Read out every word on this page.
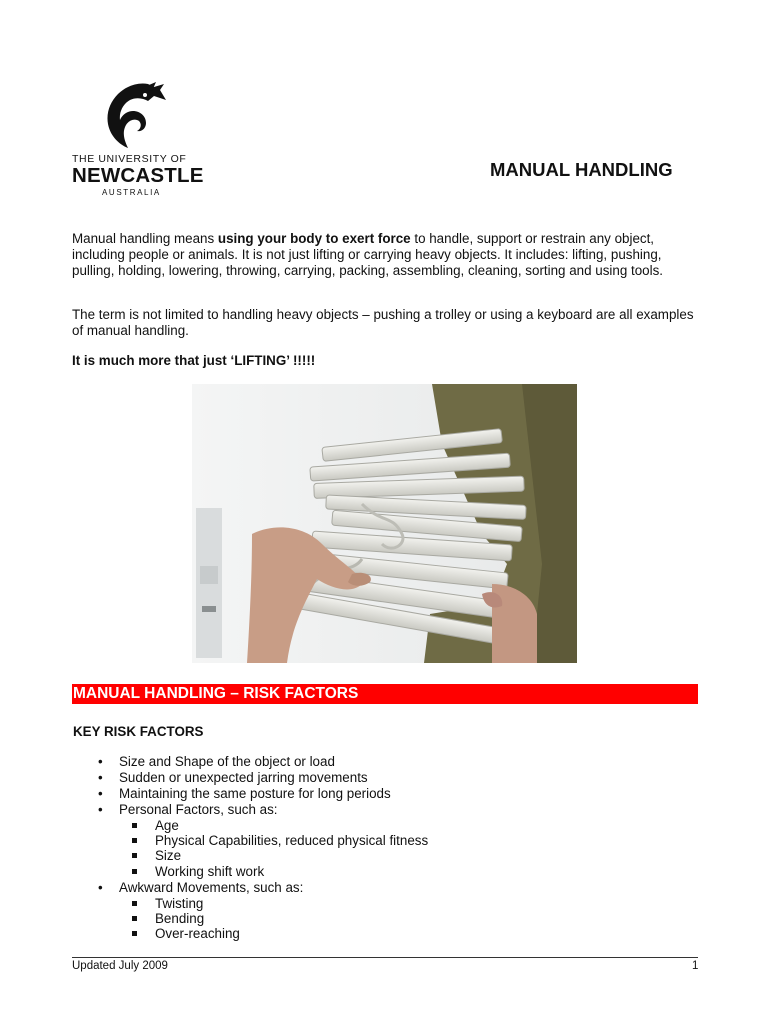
THE UNIVERSITY OF
NEWCASTLE
AUSTRALIA
MANUAL HANDLING
Manual handling means using your body to exert force to handle, support or restrain any object, including people or animals. It is not just lifting or carrying heavy objects. It includes: lifting, pushing, pulling, holding, lowering, throwing, carrying, packing, assembling, cleaning, sorting and using tools.
The term is not limited to handling heavy objects – pushing a trolley or using a keyboard are all examples of manual handling.
It is much more that just ‘LIFTING’ !!!!!
MANUAL HANDLING – RISK FACTORS
KEY RISK FACTORS
• Size and Shape of the object or load
• Sudden or unexpected jarring movements
• Maintaining the same posture for long periods
• Personal Factors, such as:
Age
Physical Capabilities, reduced physical fitness
Size
Working shift work
• Awkward Movements, such as:
Twisting
Bending
Over-reaching
Updated July 2009	1
